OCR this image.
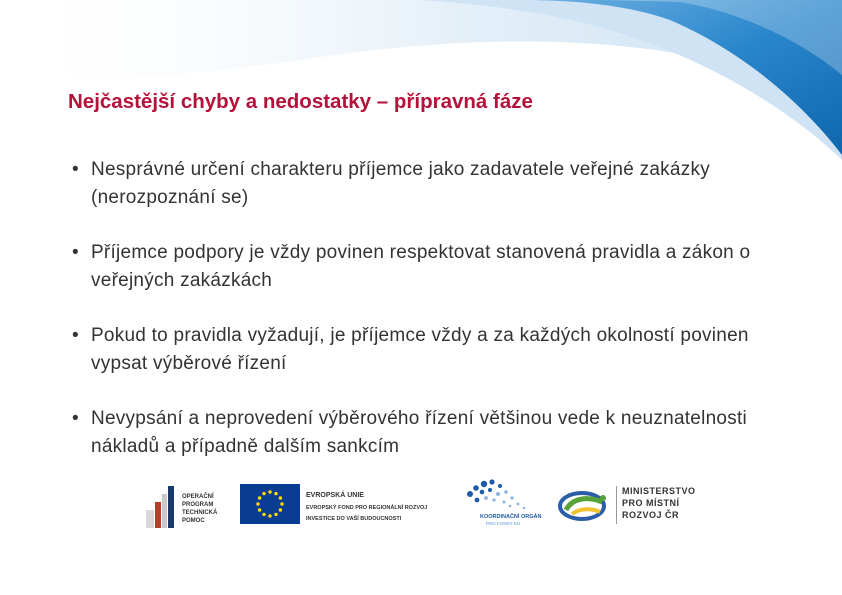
Nejčastější chyby a nedostatky – přípravná fáze
• Nesprávné určení charakteru příjemce jako zadavatele veřejné zakázky (nerozpoznání se)
• Příjemce podpory je vždy povinen respektovat stanovená pravidla a zákon o veřejných zakázkách
• Pokud to pravidla vyžadují, je příjemce vždy a za každých okolností povinen vypsat výběrové řízení
• Nevypsání a neprovedení výběrového řízení většinou vede k neuznatelnosti nákladů a případně dalším sankcím
OPERAČNÍ
PROGRAM
TECHNICKÁ
POMOC
EVROPSKÁ UNIE
EVROPSKÝ FOND PRO REGIONÁLNÍ ROZVOJ
INVESTICE DO VAŠÍ BUDOUCNOSTI	KOORDINAČNÍ ORGÁN
PRO FONDY EU
MINISTERSTVO
PRO MÍSTNÍ
ROZVOJ ČR
